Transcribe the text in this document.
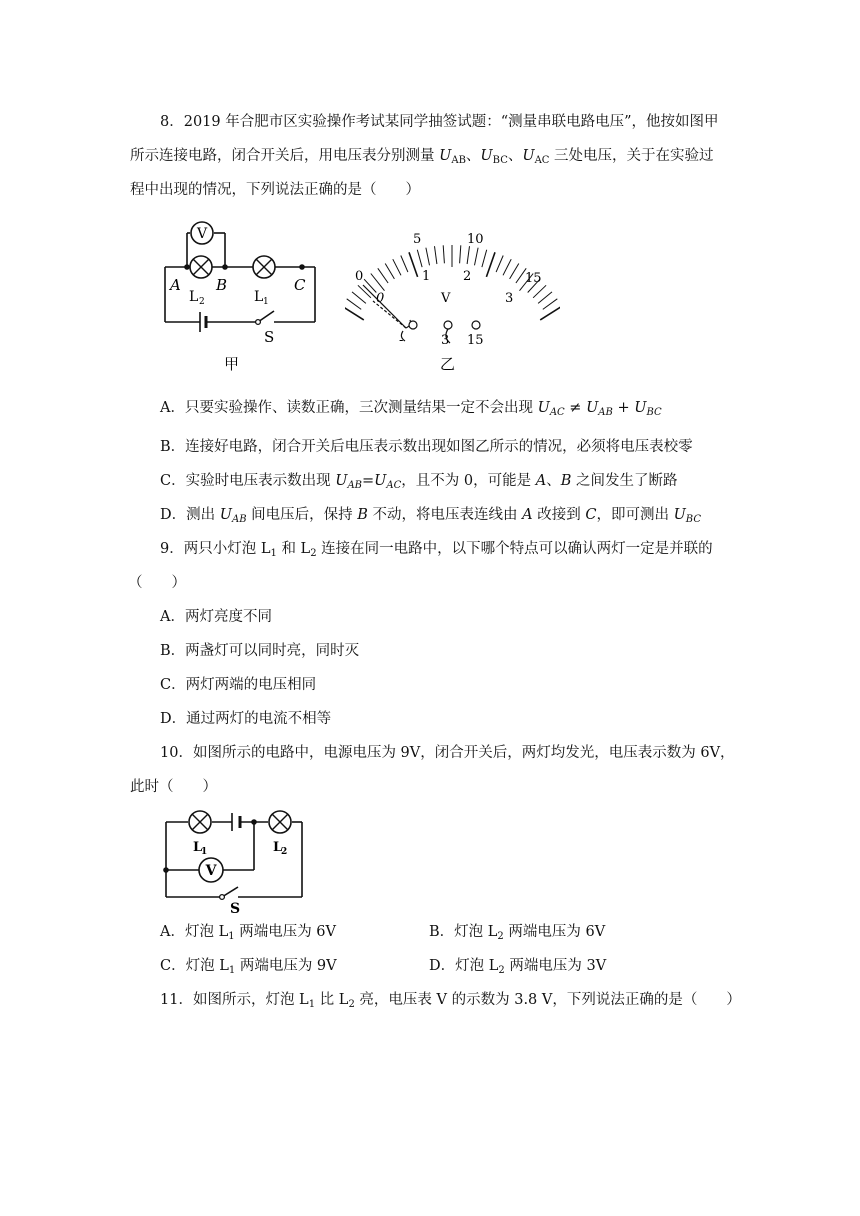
8．2019 年合肥市区实验操作考试某同学抽签试题：“测量串联电路电压”，他按如图甲
所示连接电路，闭合开关后，用电压表分别测量 $U_{AB}$、$U_{BC}$、$U_{AC}$ 三处电压，关于在实验过
程中出现的情况，下列说法正确的是（　　）
V
A B	C
L 2	L 1
S
甲
5	10
15
0
0
1	2
3
V
-	3 15
乙
A．只要实验操作、读数正确，三次测量结果一定不会出现 $U_{AC} \ne U_{AB} + U_{BC}$
B．连接好电路，闭合开关后电压表示数出现如图乙所示的情况，必须将电压表校零
C．实验时电压表示数出现 $U_{AB}=U_{AC}$，且不为 0，可能是 A、B 之间发生了断路
D．测出 $U_{AB}$ 间电压后，保持 B 不动，将电压表连线由 A 改接到 C，即可测出 $U_{BC}$
9．两只小灯泡 $L_1$ 和 $L_2$ 连接在同一电路中，以下哪个特点可以确认两灯一定是并联的
（　　）
A．两灯亮度不同
B．两盏灯可以同时亮，同时灭
C．两灯两端的电压相同
D．通过两灯的电流不相等
10．如图所示的电路中，电源电压为 9V，闭合开关后，两灯均发光，电压表示数为 6V，
此时（　　）
V
L
1	L
2
S
A．灯泡 $L_1$ 两端电压为 6V	B．灯泡 $L_2$ 两端电压为 6V
C．灯泡 $L_1$ 两端电压为 9V	D．灯泡 $L_2$ 两端电压为 3V
11．如图所示，灯泡 $L_1$ 比 $L_2$ 亮，电压表 V 的示数为 3.8 V，下列说法正确的是（　　）
